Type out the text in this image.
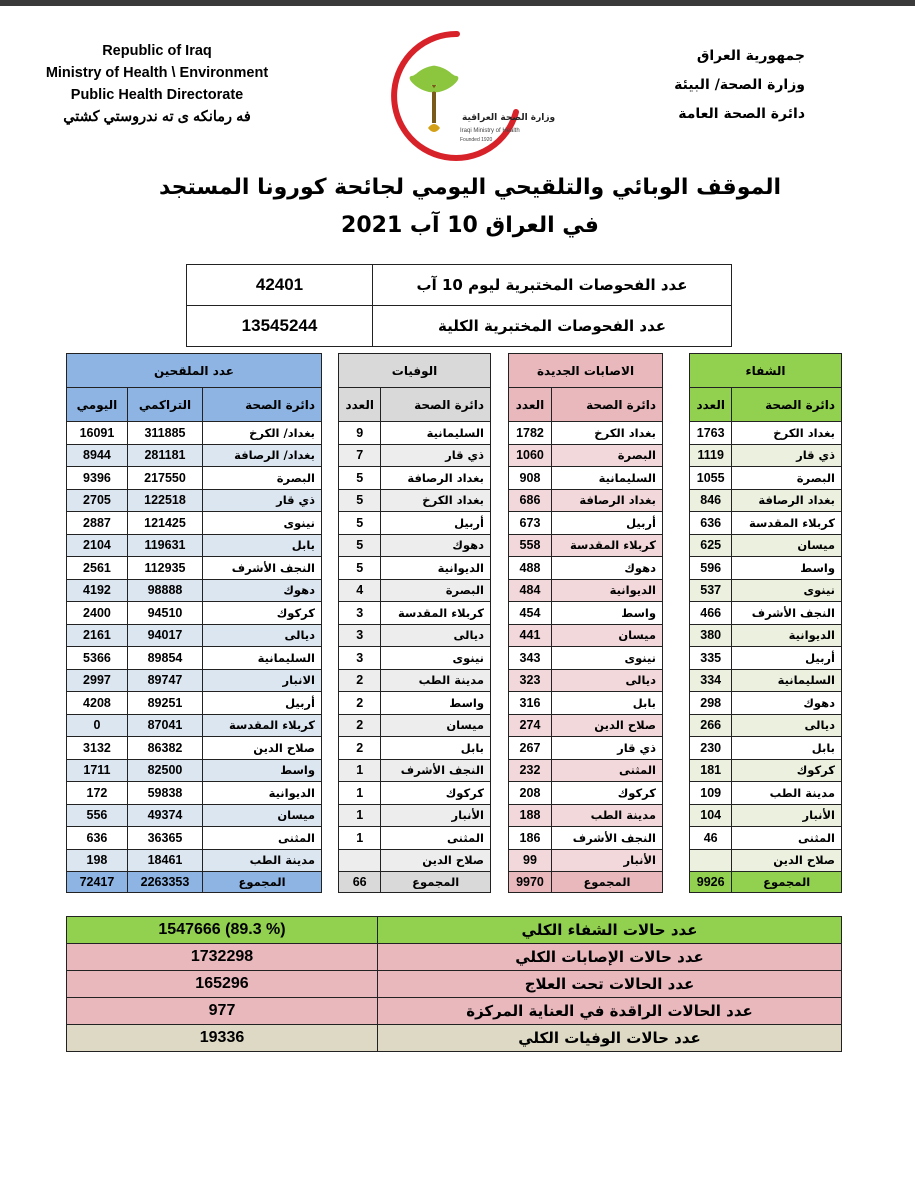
Republic of Iraq
Ministry of Health \ Environment
Public Health Directorate
فه رمانكه ى ته ندروستي كشتي	وزارة الصحة العراقية
Iraqi Ministry of Health
Founded 1920
جمهورية العراق
وزارة الصحة/ البيئة
دائرة الصحة العامة
الموقف الوبائي والتلقيحي اليومي لجائحة كورونا المستجد
في العراق 10 آب 2021
عدد الفحوصات المختبرية ليوم 10 آب	42401
عدد الفحوصات المختبرية الكلية	13545244
الشفاء	
دائرة الصحة	العدد
بغداد الكرخ	1763
ذي قار	1119
البصرة	1055
بغداد الرصافة	846
كربلاء المقدسة	636
ميسان	625
واسط	596
نينوى	537
النجف الأشرف	466
الديوانية	380
أربيل	335
السليمانية	334
دهوك	298
ديالى	266
بابل	230
كركوك	181
مدينة الطب	109
الأنبار	104
المثنى	46
صلاح الدين	
المجموع	9926
الاصابات الجديدة	
دائرة الصحة	العدد
بغداد الكرخ	1782
البصرة	1060
السليمانية	908
بغداد الرصافة	686
أربيل	673
كربلاء المقدسة	558
دهوك	488
الديوانية	484
واسط	454
ميسان	441
نينوى	343
ديالى	323
بابل	316
صلاح الدين	274
ذي قار	267
المثنى	232
كركوك	208
مدينة الطب	188
النجف الأشرف	186
الأنبار	99
المجموع	9970
الوفيات	
دائرة الصحة	العدد
السليمانية	9
ذي قار	7
بغداد الرصافة	5
بغداد الكرخ	5
أربيل	5
دهوك	5
الديوانية	5
البصرة	4
كربلاء المقدسة	3
ديالى	3
نينوى	3
مدينة الطب	2
واسط	2
ميسان	2
بابل	2
النجف الأشرف	1
كركوك	1
الأنبار	1
المثنى	1
صلاح الدين	
المجموع	66
عدد الملقحين		
دائرة الصحة	التراكمي	اليومي
بغداد/ الكرخ	311885	16091
بغداد/ الرصافة	281181	8944
البصرة	217550	9396
ذي قار	122518	2705
نينوى	121425	2887
بابل	119631	2104
النجف الأشرف	112935	2561
دهوك	98888	4192
كركوك	94510	2400
ديالى	94017	2161
السليمانية	89854	5366
الانبار	89747	2997
أربيل	89251	4208
كربلاء المقدسة	87041	0
صلاح الدين	86382	3132
واسط	82500	1711
الديوانية	59838	172
ميسان	49374	556
المثنى	36365	636
مدينة الطب	18461	198
المجموع	2263353	72417
عدد حالات الشفاء الكلي	1547666 (89.3 %)
عدد حالات الإصابات الكلي	1732298
عدد الحالات تحت العلاج	165296
عدد الحالات الراقدة في العناية المركزة	977
عدد حالات الوفيات الكلي	19336
